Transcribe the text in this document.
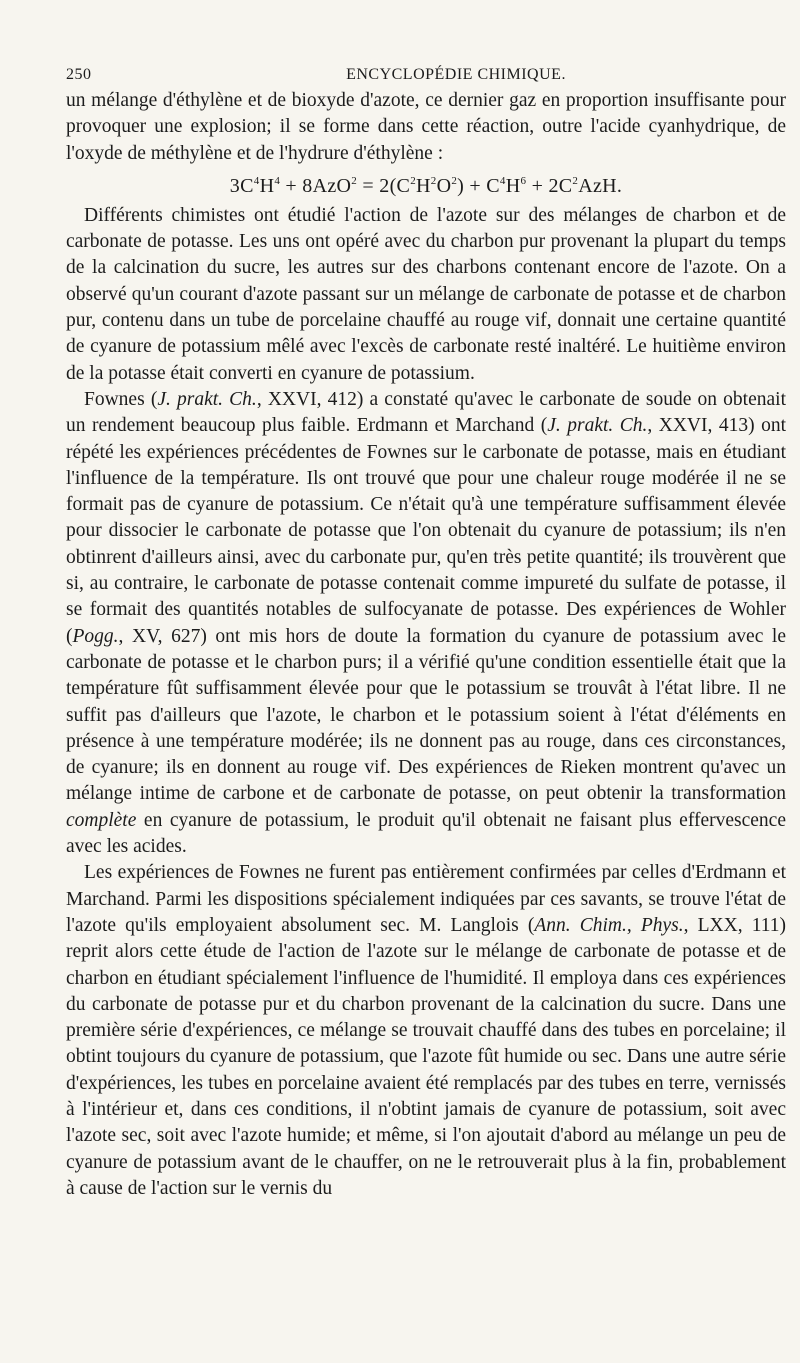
250	ENCYCLOPÉDIE CHIMIQUE.

un mélange d'éthylène et de bioxyde d'azote, ce dernier gaz en proportion insuffisante pour provoquer une explosion; il se forme dans cette réaction, outre l'acide cyanhydrique, de l'oxyde de méthylène et de l'hydrure d'éthylène :

$3C^4H^4 + 8AzO^2 = 2(C^2H^2O^2) + C^4H^6 + 2C^2AzH$.

Différents chimistes ont étudié l'action de l'azote sur des mélanges de charbon et de carbonate de potasse. Les uns ont opéré avec du charbon pur provenant la plupart du temps de la calcination du sucre, les autres sur des charbons contenant encore de l'azote. On a observé qu'un courant d'azote passant sur un mélange de carbonate de potasse et de charbon pur, contenu dans un tube de porcelaine chauffé au rouge vif, donnait une certaine quantité de cyanure de potassium mêlé avec l'excès de carbonate resté inaltéré. Le huitième environ de la potasse était converti en cyanure de potassium.

Fownes (J. prakt. Ch., XXVI, 412) a constaté qu'avec le carbonate de soude on obtenait un rendement beaucoup plus faible. Erdmann et Marchand (J. prakt. Ch., XXVI, 413) ont répété les expériences précédentes de Fownes sur le carbonate de potasse, mais en étudiant l'influence de la température. Ils ont trouvé que pour une chaleur rouge modérée il ne se formait pas de cyanure de potassium. Ce n'était qu'à une température suffisamment élevée pour dissocier le carbonate de potasse que l'on obtenait du cyanure de potassium; ils n'en obtinrent d'ailleurs ainsi, avec du carbonate pur, qu'en très petite quantité; ils trouvèrent que si, au contraire, le carbonate de potasse contenait comme impureté du sulfate de potasse, il se formait des quantités notables de sulfocyanate de potasse. Des expériences de Wohler (Pogg., XV, 627) ont mis hors de doute la formation du cyanure de potassium avec le carbonate de potasse et le charbon purs; il a vérifié qu'une condition essentielle était que la température fût suffisamment élevée pour que le potassium se trouvât à l'état libre. Il ne suffit pas d'ailleurs que l'azote, le charbon et le potassium soient à l'état d'éléments en présence à une température modérée; ils ne donnent pas au rouge, dans ces circonstances, de cyanure; ils en donnent au rouge vif. Des expériences de Rieken montrent qu'avec un mélange intime de carbone et de carbonate de potasse, on peut obtenir la transformation complète en cyanure de potassium, le produit qu'il obtenait ne faisant plus effervescence avec les acides.

Les expériences de Fownes ne furent pas entièrement confirmées par celles d'Erdmann et Marchand. Parmi les dispositions spécialement indiquées par ces savants, se trouve l'état de l'azote qu'ils employaient absolument sec. M. Langlois (Ann. Chim., Phys., LXX, 111) reprit alors cette étude de l'action de l'azote sur le mélange de carbonate de potasse et de charbon en étudiant spécialement l'influence de l'humidité. Il employa dans ces expériences du carbonate de potasse pur et du charbon provenant de la calcination du sucre. Dans une première série d'expériences, ce mélange se trouvait chauffé dans des tubes en porcelaine; il obtint toujours du cyanure de potassium, que l'azote fût humide ou sec. Dans une autre série d'expériences, les tubes en porcelaine avaient été remplacés par des tubes en terre, vernissés à l'intérieur et, dans ces conditions, il n'obtint jamais de cyanure de potassium, soit avec l'azote sec, soit avec l'azote humide; et même, si l'on ajoutait d'abord au mélange un peu de cyanure de potassium avant de le chauffer, on ne le retrouverait plus à la fin, probablement à cause de l'action sur le vernis du
